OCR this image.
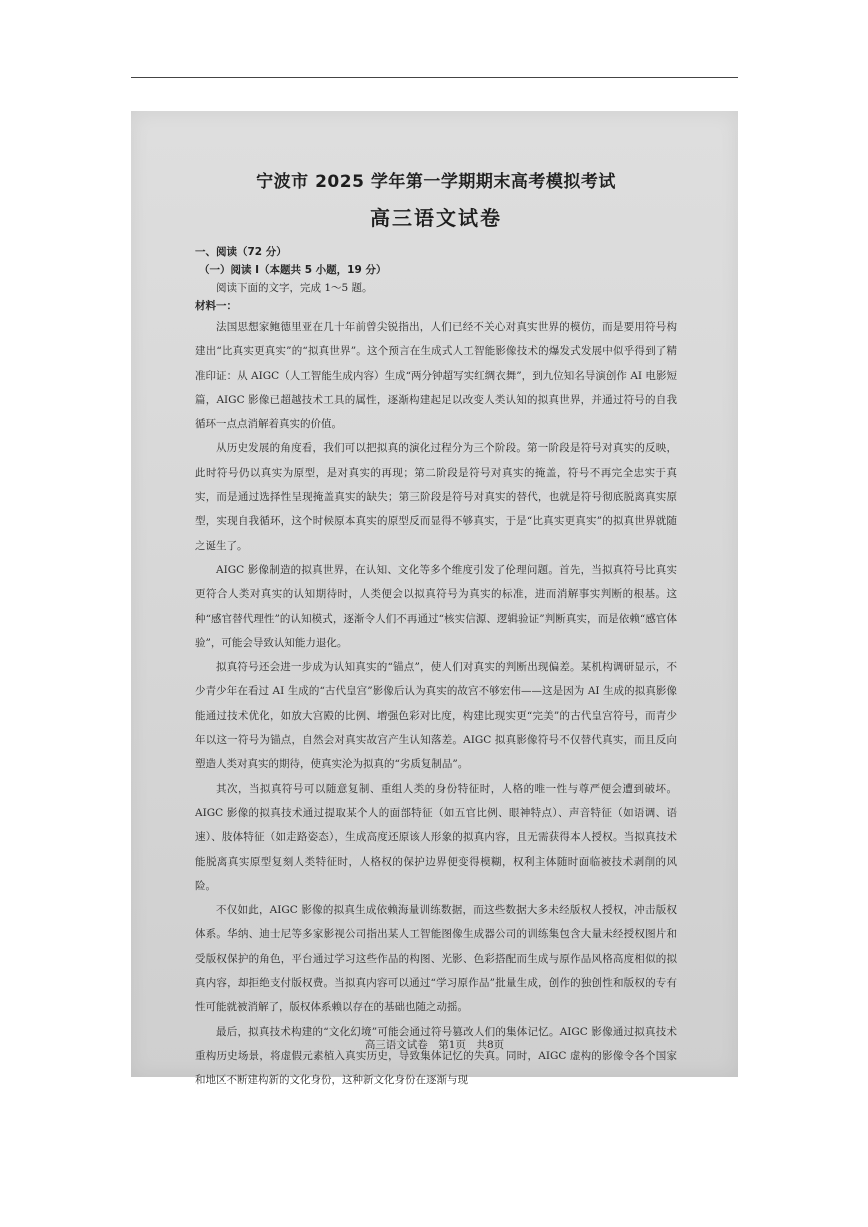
宁波市 2025 学年第一学期期末高考模拟考试
高三语文试卷

一、阅读（72 分）

（一）阅读 I（本题共 5 小题，19 分）

阅读下面的文字，完成 1～5 题。

材料一：

法国思想家鲍德里亚在几十年前曾尖锐指出，人们已经不关心对真实世界的模仿，而是要用符号构建出“比真实更真实”的“拟真世界”。这个预言在生成式人工智能影像技术的爆发式发展中似乎得到了精准印证：从 AIGC（人工智能生成内容）生成“两分钟超写实红绸衣舞”，到九位知名导演创作 AI 电影短篇，AIGC 影像已超越技术工具的属性，逐渐构建起足以改变人类认知的拟真世界，并通过符号的自我循环一点点消解着真实的价值。

从历史发展的角度看，我们可以把拟真的演化过程分为三个阶段。第一阶段是符号对真实的反映，此时符号仍以真实为原型，是对真实的再现；第二阶段是符号对真实的掩盖，符号不再完全忠实于真实，而是通过选择性呈现掩盖真实的缺失；第三阶段是符号对真实的替代，也就是符号彻底脱离真实原型，实现自我循环，这个时候原本真实的原型反而显得不够真实，于是“比真实更真实”的拟真世界就随之诞生了。

AIGC 影像制造的拟真世界，在认知、文化等多个维度引发了伦理问题。首先，当拟真符号比真实更符合人类对真实的认知期待时，人类便会以拟真符号为真实的标准，进而消解事实判断的根基。这种“感官替代理性”的认知模式，逐渐令人们不再通过“核实信源、逻辑验证”判断真实，而是依赖“感官体验”，可能会导致认知能力退化。

拟真符号还会进一步成为认知真实的“锚点”，使人们对真实的判断出现偏差。某机构调研显示，不少青少年在看过 AI 生成的“古代皇宫”影像后认为真实的故宫不够宏伟——这是因为 AI 生成的拟真影像能通过技术优化，如放大宫殿的比例、增强色彩对比度，构建比现实更“完美”的古代皇宫符号，而青少年以这一符号为锚点，自然会对真实故宫产生认知落差。AIGC 拟真影像符号不仅替代真实，而且反向塑造人类对真实的期待，使真实沦为拟真的“劣质复制品”。

其次，当拟真符号可以随意复制、重组人类的身份特征时，人格的唯一性与尊严便会遭到破坏。AIGC 影像的拟真技术通过提取某个人的面部特征（如五官比例、眼神特点）、声音特征（如语调、语速）、肢体特征（如走路姿态），生成高度还原该人形象的拟真内容，且无需获得本人授权。当拟真技术能脱离真实原型复刻人类特征时，人格权的保护边界便变得模糊，权利主体随时面临被技术剥削的风险。

不仅如此，AIGC 影像的拟真生成依赖海量训练数据，而这些数据大多未经版权人授权，冲击版权体系。华纳、迪士尼等多家影视公司指出某人工智能图像生成器公司的训练集包含大量未经授权图片和受版权保护的角色，平台通过学习这些作品的构图、光影、色彩搭配而生成与原作品风格高度相似的拟真内容，却拒绝支付版权费。当拟真内容可以通过“学习原作品”批量生成，创作的独创性和版权的专有性可能就被消解了，版权体系赖以存在的基础也随之动摇。

最后，拟真技术构建的“文化幻境”可能会通过符号篡改人们的集体记忆。AIGC 影像通过拟真技术重构历史场景，将虚假元素植入真实历史，导致集体记忆的失真。同时，AIGC 虚构的影像令各个国家和地区不断建构新的文化身份，这种新文化身份在逐渐与现

高三语文试卷　第1页　共8页
